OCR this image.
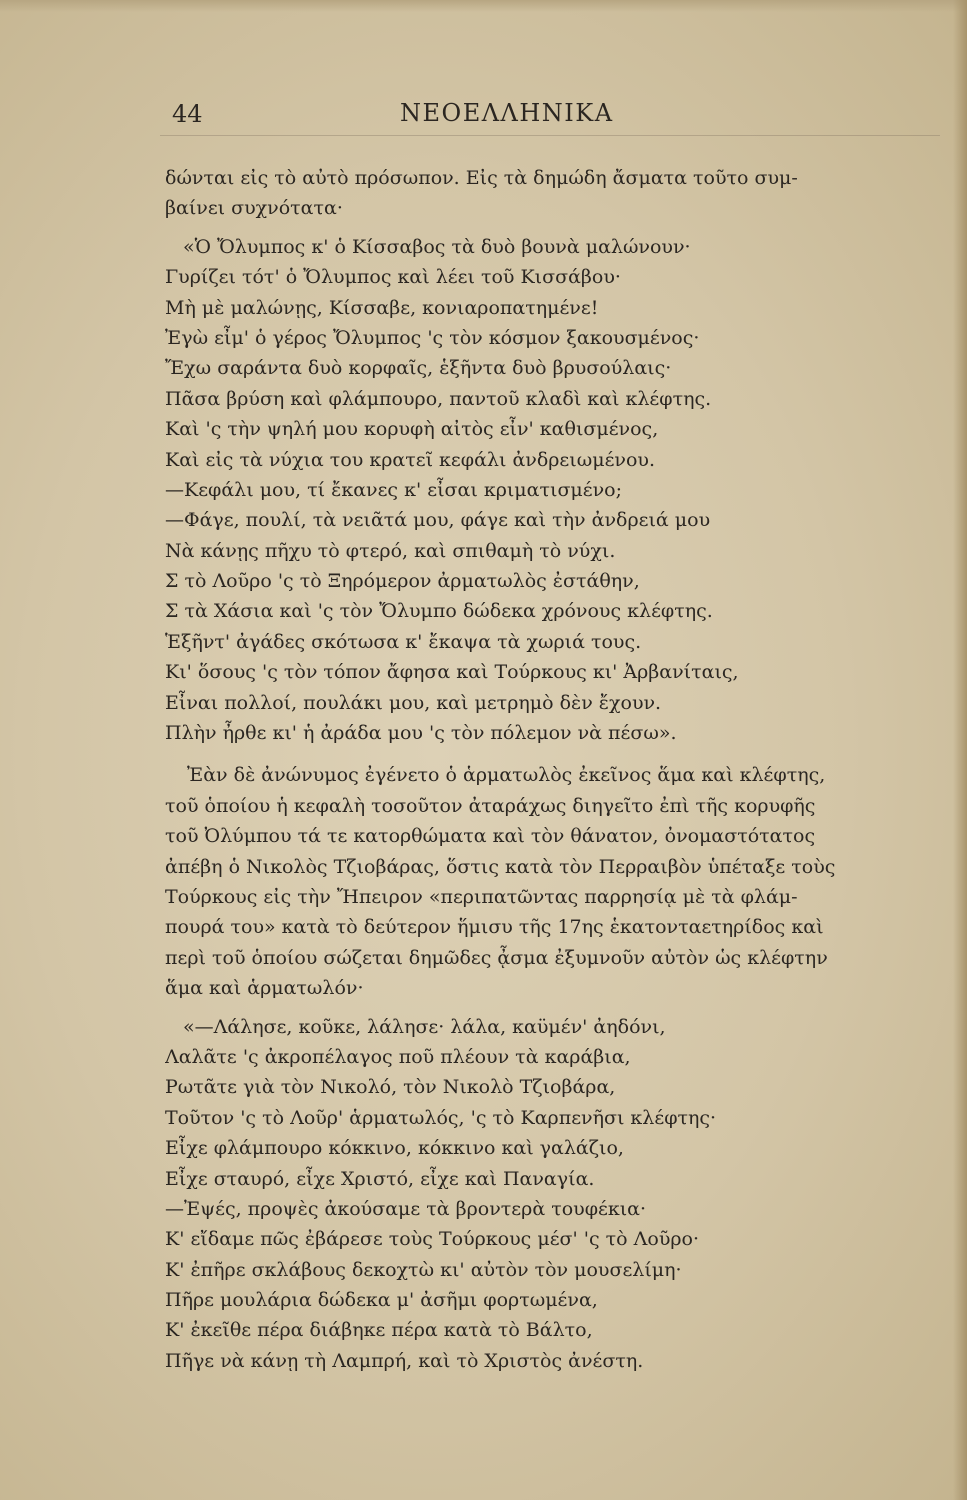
44	ΝΕΟΕΛΛΗΝΙΚΑ

δώνται εἰς τὸ αὐτὸ πρόσωπον. Εἰς τὰ δημώδη ἄσματα τοῦτο συμ-

βαίνει συχνότατα·

«Ὁ Ὄλυμπος κ' ὁ Κίσσαβος τὰ δυὸ βουνὰ μαλώνουν·

Γυρίζει τότ' ὁ Ὄλυμπος καὶ λέει τοῦ Κισσάβου·

Μὴ μὲ μαλώνῃς, Κίσσαβε, κονιαροπατημένε!

Ἐγὼ εἶμ' ὁ γέρος Ὄλυμπος 'ς τὸν κόσμον ξακουσμένος·

Ἔχω σαράντα δυὸ κορφαῖς, ἑξῆντα δυὸ βρυσούλαις·

Πᾶσα βρύση καὶ φλάμπουρο, παντοῦ κλαδὶ καὶ κλέφτης.

Καὶ 'ς τὴν ψηλή μου κορυφὴ αἰτὸς εἶν' καθισμένος,

Καὶ εἰς τὰ νύχια του κρατεῖ κεφάλι ἀνδρειωμένου.

—Κεφάλι μου, τί ἔκανες κ' εἶσαι κριματισμένο;

—Φάγε, πουλί, τὰ νειᾶτά μου, φάγε καὶ τὴν ἀνδρειά μου

Νὰ κάνῃς πῆχυ τὸ φτερό, καὶ σπιθαμὴ τὸ νύχι.

Σ τὸ Λοῦρο 'ς τὸ Ξηρόμερον ἀρματωλὸς ἐστάθην,

Σ τὰ Χάσια καὶ 'ς τὸν Ὄλυμπο δώδεκα χρόνους κλέφτης.

Ἑξῆντ' ἀγάδες σκότωσα κ' ἔκαψα τὰ χωριά τους.

Κι' ὅσους 'ς τὸν τόπον ἄφησα καὶ Τούρκους κι' Ἀρβανίταις,

Εἶναι πολλοί, πουλάκι μου, καὶ μετρημὸ δὲν ἔχουν.

Πλὴν ἦρθε κι' ἡ ἀράδα μου 'ς τὸν πόλεμον νὰ πέσω».

Ἐὰν δὲ ἀνώνυμος ἐγένετο ὁ ἁρματωλὸς ἐκεῖνος ἅμα καὶ κλέφτης,

τοῦ ὁποίου ἡ κεφαλὴ τοσοῦτον ἀταράχως διηγεῖτο ἐπὶ τῆς κορυφῆς

τοῦ Ὀλύμπου τά τε κατορθώματα καὶ τὸν θάνατον, ὀνομαστότατος

ἀπέβη ὁ Νικολὸς Τζιοβάρας, ὅστις κατὰ τὸν Περραιβὸν ὑπέταξε τοὺς

Τούρκους εἰς τὴν Ἤπειρον «περιπατῶντας παρρησίᾳ μὲ τὰ φλάμ-

πουρά του» κατὰ τὸ δεύτερον ἥμισυ τῆς 17ης ἑκατονταετηρίδος καὶ

περὶ τοῦ ὁποίου σώζεται δημῶδες ᾆσμα ἐξυμνοῦν αὐτὸν ὡς κλέφτην

ἅμα καὶ ἁρματωλόν·

«—Λάλησε, κοῦκε, λάλησε· λάλα, καϋμέν' ἀηδόνι,

Λαλᾶτε 'ς ἀκροπέλαγος ποῦ πλέουν τὰ καράβια,

Ρωτᾶτε γιὰ τὸν Νικολό, τὸν Νικολὸ Τζιοβάρα,

Τοῦτον 'ς τὸ Λοῦρ' ἁρματωλός, 'ς τὸ Καρπενῆσι κλέφτης·

Εἶχε φλάμπουρο κόκκινο, κόκκινο καὶ γαλάζιο,

Εἶχε σταυρό, εἶχε Χριστό, εἶχε καὶ Παναγία.

—Ἐψές, προψὲς ἀκούσαμε τὰ βροντερὰ τουφέκια·

Κ' εἴδαμε πῶς ἐβάρεσε τοὺς Τούρκους μέσ' 'ς τὸ Λοῦρο·

Κ' ἐπῆρε σκλάβους δεκοχτὼ κι' αὐτὸν τὸν μουσελίμη·

Πῆρε μουλάρια δώδεκα μ' ἀσῆμι φορτωμένα,

Κ' ἐκεῖθε πέρα διάβηκε πέρα κατὰ τὸ Βάλτο,

Πῆγε νὰ κάνῃ τὴ Λαμπρή, καὶ τὸ Χριστὸς ἀνέστη.
